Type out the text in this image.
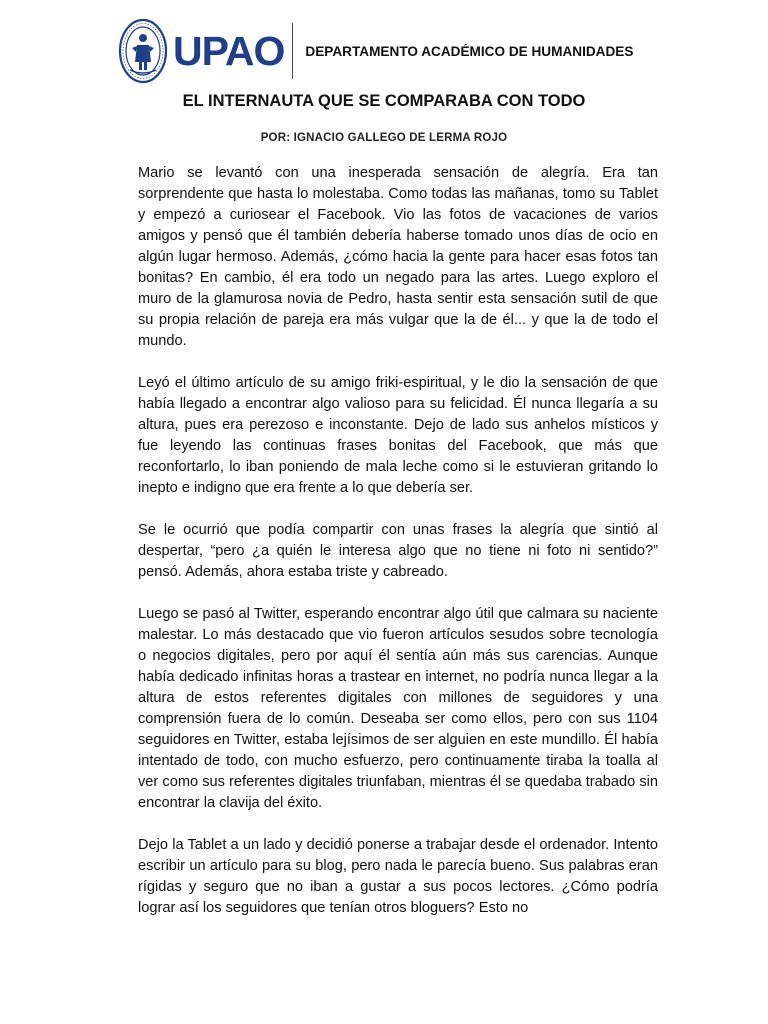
UPAO DEPARTAMENTO ACADÉMICO DE HUMANIDADES
EL INTERNAUTA QUE SE COMPARABA CON TODO

POR: IGNACIO GALLEGO DE LERMA ROJO

Mario se levantó con una inesperada sensación de alegría. Era tan sorprendente que hasta lo molestaba. Como todas las mañanas, tomo su Tablet y empezó a curiosear el Facebook. Vio las fotos de vacaciones de varios amigos y pensó que él también debería haberse tomado unos días de ocio en algún lugar hermoso. Además, ¿cómo hacia la gente para hacer esas fotos tan bonitas? En cambio, él era todo un negado para las artes. Luego exploro el muro de la glamurosa novia de Pedro, hasta sentir esta sensación sutil de que su propia relación de pareja era más vulgar que la de él... y que la de todo el mundo.

Leyó el último artículo de su amigo friki-espiritual, y le dio la sensación de que había llegado a encontrar algo valioso para su felicidad. Él nunca llegaría a su altura, pues era perezoso e inconstante. Dejo de lado sus anhelos místicos y fue leyendo las continuas frases bonitas del Facebook, que más que reconfortarlo, lo iban poniendo de mala leche como si le estuvieran gritando lo inepto e indigno que era frente a lo que debería ser.

Se le ocurrió que podía compartir con unas frases la alegría que sintió al despertar, “pero ¿a quién le interesa algo que no tiene ni foto ni sentido?” pensó. Además, ahora estaba triste y cabreado.

Luego se pasó al Twitter, esperando encontrar algo útil que calmara su naciente malestar. Lo más destacado que vio fueron artículos sesudos sobre tecnología o negocios digitales, pero por aquí él sentía aún más sus carencias. Aunque había dedicado infinitas horas a trastear en internet, no podría nunca llegar a la altura de estos referentes digitales con millones de seguidores y una comprensión fuera de lo común. Deseaba ser como ellos, pero con sus 1104 seguidores en Twitter, estaba lejísimos de ser alguien en este mundillo. Él había intentado de todo, con mucho esfuerzo, pero continuamente tiraba la toalla al ver como sus referentes digitales triunfaban, mientras él se quedaba trabado sin encontrar la clavija del éxito.

Dejo la Tablet a un lado y decidió ponerse a trabajar desde el ordenador. Intento escribir un artículo para su blog, pero nada le parecía bueno. Sus palabras eran rígidas y seguro que no iban a gustar a sus pocos lectores. ¿Cómo podría lograr así los seguidores que tenían otros bloguers? Esto no
